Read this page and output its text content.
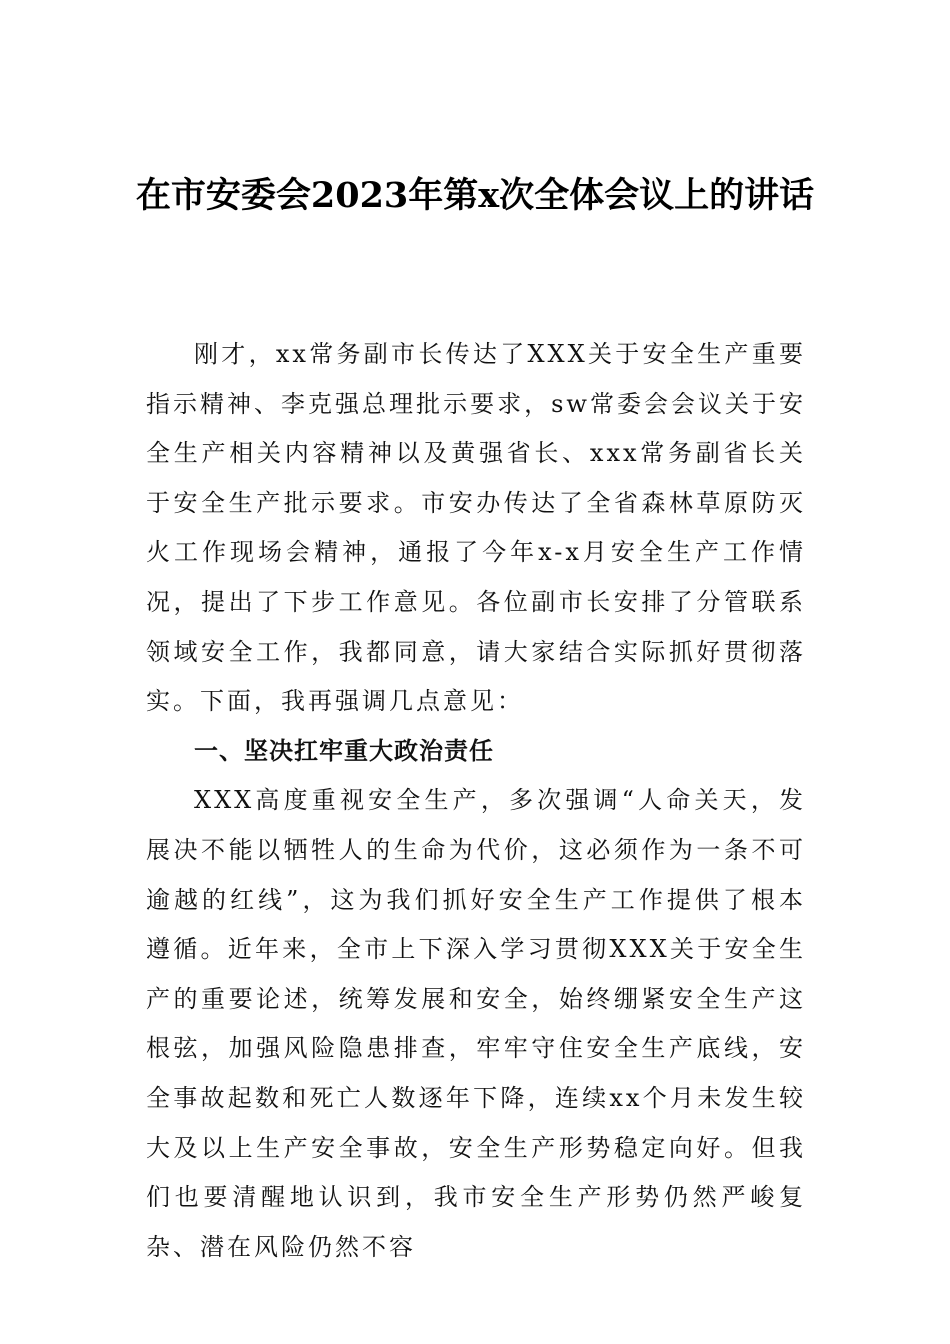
在市安委会2023年第x次全体会议上的讲话

刚才，xx常务副市长传达了XXX关于安全生产重要指示精神、李克强总理批示要求，sw常委会会议关于安全生产相关内容精神以及黄强省长、xxx常务副省长关于安全生产批示要求。市安办传达了全省森林草原防灭火工作现场会精神，通报了今年x-x月安全生产工作情况，提出了下步工作意见。各位副市长安排了分管联系领域安全工作，我都同意，请大家结合实际抓好贯彻落实。下面，我再强调几点意见：

一、坚决扛牢重大政治责任

XXX高度重视安全生产，多次强调“人命关天，发展决不能以牺牲人的生命为代价，这必须作为一条不可逾越的红线”，这为我们抓好安全生产工作提供了根本遵循。近年来，全市上下深入学习贯彻XXX关于安全生产的重要论述，统筹发展和安全，始终绷紧安全生产这根弦，加强风险隐患排查，牢牢守住安全生产底线，安全事故起数和死亡人数逐年下降，连续xx个月未发生较大及以上生产安全事故，安全生产形势稳定向好。但我们也要清醒地认识到，我市安全生产形势仍然严峻复杂、潜在风险仍然不容
